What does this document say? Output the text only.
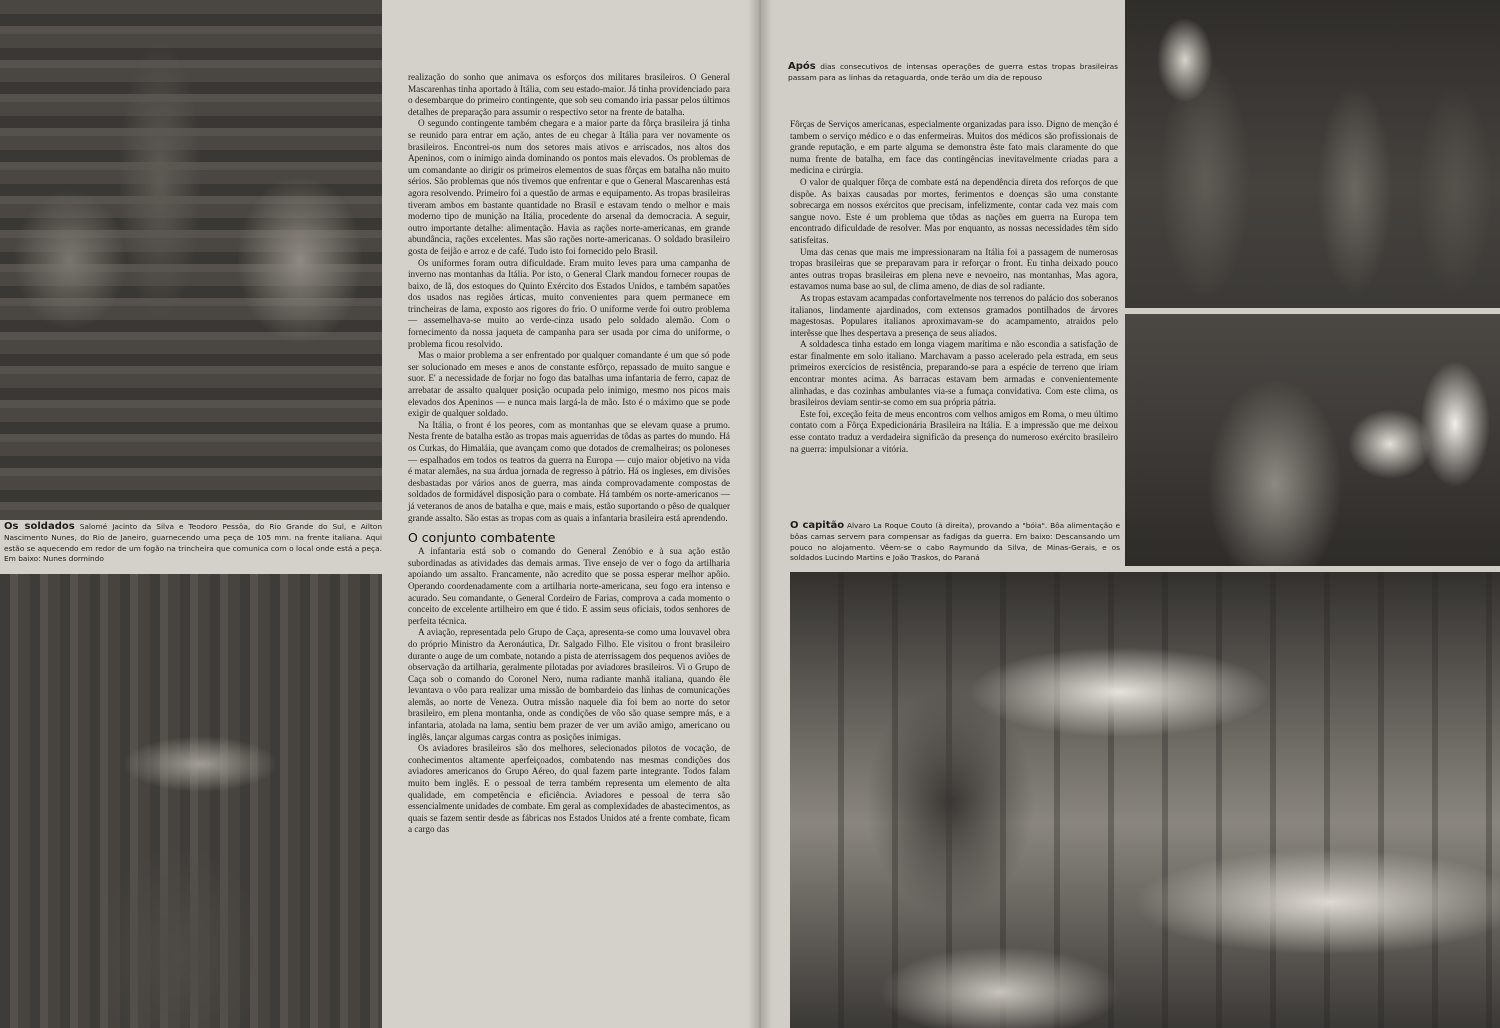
Os soldados Salomé Jacinto da Silva e Teodoro Pessôa, do Rio Grande do Sul, e Ailton Nascimento Nunes, do Rio de Janeiro, guarnecendo uma peça de 105 mm. na frente italiana. Aqui estão se aquecendo em redor de um fogão na trincheira que comunica com o local onde está a peça. Em baixo: Nunes dormindo

realização do sonho que animava os esforços dos militares brasileiros. O General Mascarenhas tinha aportado à Itália, com seu estado-maior. Já tinha providenciado para o desembarque do primeiro contingente, que sob seu comando iria passar pelos últimos detalhes de preparação para assumir o respectivo setor na frente de batalha.

O segundo contingente também chegara e a maior parte da fôrça brasileira já tinha se reunido para entrar em ação, antes de eu chegar à Itália para ver novamente os brasileiros. Encontrei-os num dos setores mais ativos e arriscados, nos altos dos Apeninos, com o inimigo ainda dominando os pontos mais elevados. Os problemas de um comandante ao dirigir os primeiros elementos de suas fôrças em batalha não muito sérios. São problemas que nós tivemos que enfrentar e que o General Mascarenhas está agora resolvendo. Primeiro foi a questão de armas e equipamento. As tropas brasileiras tiveram ambos em bastante quantidade no Brasil e estavam tendo o melhor e mais moderno tipo de munição na Itália, procedente do arsenal da democracia. A seguir, outro importante detalhe: alimentação. Havia as rações norte-americanas, em grande abundância, rações excelentes. Mas são rações norte-americanas. O soldado brasileiro gosta de feijão e arroz e de café. Tudo isto foi fornecido pelo Brasil.

Os uniformes foram outra dificuldade. Eram muito leves para uma campanha de inverno nas montanhas da Itália. Por isto, o General Clark mandou fornecer roupas de baixo, de lã, dos estoques do Quinto Exército dos Estados Unidos, e também sapatões dos usados nas regiões árticas, muito convenientes para quem permanece em trincheiras de lama, exposto aos rigores do frio. O uniforme verde foi outro problema — assemelhava-se muito ao verde-cinza usado pelo soldado alemão. Com o fornecimento da nossa jaqueta de campanha para ser usada por cima do uniforme, o problema ficou resolvido.

Mas o maior problema a ser enfrentado por qualquer comandante é um que só pode ser solucionado em meses e anos de constante esfôrço, repassado de muito sangue e suor. E' a necessidade de forjar no fogo das batalhas uma infantaria de ferro, capaz de arrebatar de assalto qualquer posição ocupada pelo inimigo, mesmo nos picos mais elevados dos Apeninos — e nunca mais largá-la de mão. Isto é o máximo que se pode exigir de qualquer soldado.

Na Itália, o front é los peores, com as montanhas que se elevam quase a prumo. Nesta frente de batalha estão as tropas mais aguerridas de tôdas as partes do mundo. Há os Curkas, do Himaláia, que avançam como que dotados de cremalheiras; os poloneses — espalhados em todos os teatros da guerra na Europa — cujo maior objetivo na vida é matar alemães, na sua árdua jornada de regresso à pátrio. Há os ingleses, em divisões desbastadas por vários anos de guerra, mas ainda comprovadamente compostas de soldados de formidável disposição para o combate. Há também os norte-americanos — já veteranos de anos de batalha e que, mais e mais, estão suportando o pêso de qualquer grande assalto. São estas as tropas com as quais a infantaria brasileira está aprendendo.

O conjunto combatente

A infantaria está sob o comando do General Zenóbio e à sua ação estão subordinadas as atividades das demais armas. Tive ensejo de ver o fogo da artilharia apoiando um assalto. Francamente, não acredito que se possa esperar melhor apôio. Operando coordenadamente com a artilharia norte-americana, seu fogo era intenso e acurado. Seu comandante, o General Cordeiro de Farias, comprova a cada momento o conceito de excelente artilheiro em que é tido. E assim seus oficiais, todos senhores de perfeita técnica.

A aviação, representada pelo Grupo de Caça, apresenta-se como uma louvavel obra do próprio Ministro da Aeronáutica, Dr. Salgado Filho. Ele visitou o front brasileiro durante o auge de um combate, notando a pista de aterrissagem dos pequenos aviões de observação da artilharia, geralmente pilotadas por aviadores brasileiros. Vi o Grupo de Caça sob o comando do Coronel Nero, numa radiante manhã italiana, quando êle levantava o vôo para realizar uma missão de bombardeio das linhas de comunicações alemãs, ao norte de Veneza. Outra missão naquele dia foi bem ao norte do setor brasileiro, em plena montanha, onde as condições de vôo são quase sempre más, e a infantaria, atolada na lama, sentiu bem prazer de ver um avião amigo, americano ou inglês, lançar algumas cargas contra as posições inimigas.

Os aviadores brasileiros são dos melhores, selecionados pilotos de vocação, de conhecimentos altamente aperfeiçoados, combatendo nas mesmas condições dos aviadores americanos do Grupo Aéreo, do qual fazem parte integrante. Todos falam muito bem inglês. E o pessoal de terra também representa um elemento de alta qualidade, em competência e eficiência. Aviadores e pessoal de terra são essencialmente unidades de combate. Em geral as complexidades de abastecimentos, as quais se fazem sentir desde as fábricas nos Estados Unidos até a frente combate, ficam a cargo das

Após dias consecutivos de intensas operações de guerra estas tropas brasileiras passam para as linhas da retaguarda, onde terão um dia de repouso

Fôrças de Serviços americanas, especialmente organizadas para isso. Digno de menção é tambem o serviço médico e o das enfermeiras. Muitos dos médicos são profissionais de grande reputação, e em parte alguma se demonstra êste fato mais claramente do que numa frente de batalha, em face das contingências inevitavelmente criadas para a medicina e cirúrgia.

O valor de qualquer fôrça de combate está na dependência direta dos reforços de que dispõe. As baixas causadas por mortes, ferimentos e doenças são uma constante sobrecarga em nossos exércitos que precisam, infelizmente, contar cada vez mais com sangue novo. Este é um problema que tôdas as nações em guerra na Europa tem encontrado dificuldade de resolver. Mas por enquanto, as nossas necessidades têm sido satisfeitas.

Uma das cenas que mais me impressionaram na Itália foi a passagem de numerosas tropas brasileiras que se preparavam para ir reforçar o front. Eu tinha deixado pouco antes outras tropas brasileiras em plena neve e nevoeiro, nas montanhas, Mas agora, estavamos numa base ao sul, de clima ameno, de dias de sol radiante.

As tropas estavam acampadas confortavelmente nos terrenos do palácio dos soberanos italianos, lindamente ajardinados, com extensos gramados pontilhados de árvores magestosas. Populares italianos aproximavam-se do acampamento, atraidos pelo interêsse que lhes despertava a presença de seus aliados.

A soldadesca tinha estado em longa viagem marítima e não escondia a satisfação de estar finalmente em solo italiano. Marchavam a passo acelerado pela estrada, em seus primeiros exercícios de resistência, preparando-se para a espécie de terreno que iriam encontrar montes acima. As barracas estavam bem armadas e convenientemente alinhadas, e das cozinhas ambulantes via-se a fumaça convidativa. Com este clima, os brasileiros deviam sentir-se como em sua própria pátria.

Este foi, exceção feita de meus encontros com velhos amigos em Roma, o meu último contato com a Fôrça Expedicionária Brasileira na Itália. E a impressão que me deixou esse contato traduz a verdadeira significão da presença do numeroso exército brasileiro na guerra: impulsionar a vitória.

O capitão Alvaro La Roque Couto (à direita), provando a "bóia". Bôa alimentação e bôas camas servem para compensar as fadigas da guerra. Em baixo: Descansando um pouco no alojamento. Vêem-se o cabo Raymundo da Silva, de Minas-Gerais, e os soldados Lucindo Martins e João Traskos, do Paraná
